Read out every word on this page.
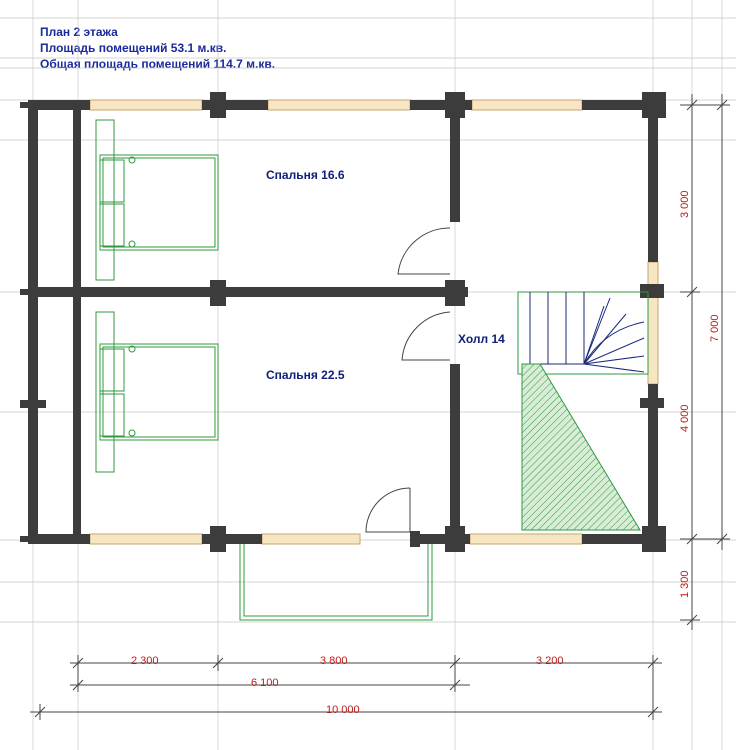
План 2 этажа
Площадь помещений 53.1 м.кв.
Общая площадь помещений 114.7 м.кв.
Спальня 16.6
Спальня 22.5
Холл 14
2 300	3 800	3 200
6 100
10 000
3 000
4 000
1 300
7 000
